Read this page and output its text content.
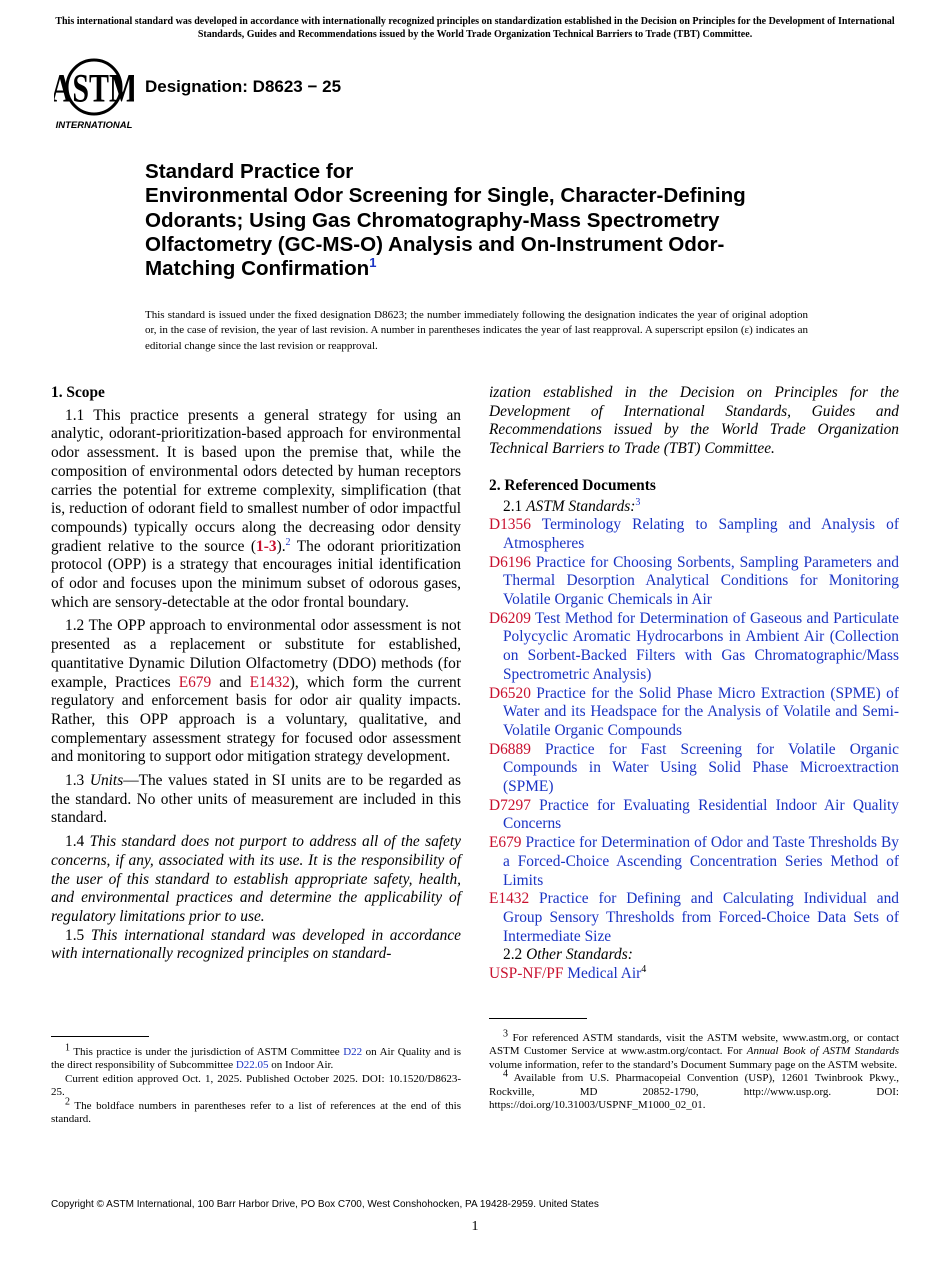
This international standard was developed in accordance with internationally recognized principles on standardization established in the Decision on Principles for the Development of International Standards, Guides and Recommendations issued by the World Trade Organization Technical Barriers to Trade (TBT) Committee.
ASTM
INTERNATIONAL
Designation: D8623 − 25
Standard Practice for
Environmental Odor Screening for Single, Character-Defining Odorants; Using Gas Chromatography-Mass Spectrometry Olfactometry (GC-MS-O) Analysis and On-Instrument Odor-Matching Confirmation$^1$
This standard is issued under the fixed designation D8623; the number immediately following the designation indicates the year of original adoption or, in the case of revision, the year of last revision. A number in parentheses indicates the year of last reapproval. A superscript epsilon (ε) indicates an editorial change since the last revision or reapproval.

1. Scope

1.1 This practice presents a general strategy for using an analytic, odorant-prioritization-based approach for environmental odor assessment. It is based upon the premise that, while the composition of environmental odors detected by human receptors carries the potential for extreme complexity, simplification (that is, reduction of odorant field to smallest number of odor impactful compounds) typically occurs along the decreasing odor density gradient relative to the source (1-3).$^2$ The odorant prioritization protocol (OPP) is a strategy that encourages initial identification of odor and focuses upon the minimum subset of odorous gases, which are sensory-detectable at the odor frontal boundary.

1.2 The OPP approach to environmental odor assessment is not presented as a replacement or substitute for established, quantitative Dynamic Dilution Olfactometry (DDO) methods (for example, Practices E679 and E1432), which form the current regulatory and enforcement basis for odor air quality impacts. Rather, this OPP approach is a voluntary, qualitative, and complementary assessment strategy for focused odor assessment and monitoring to support odor mitigation strategy development.

1.3 Units—The values stated in SI units are to be regarded as the standard. No other units of measurement are included in this standard.

1.4 This standard does not purport to address all of the safety concerns, if any, associated with its use. It is the responsibility of the user of this standard to establish appropriate safety, health, and environmental practices and determine the applicability of regulatory limitations prior to use.

1.5 This international standard was developed in accordance with internationally recognized principles on standard-

$^1$ This practice is under the jurisdiction of ASTM Committee D22 on Air Quality and is the direct responsibility of Subcommittee D22.05 on Indoor Air.

Current edition approved Oct. 1, 2025. Published October 2025. DOI: 10.1520/D8623-25.

$^2$ The boldface numbers in parentheses refer to a list of references at the end of this standard.

ization established in the Decision on Principles for the Development of International Standards, Guides and Recommendations issued by the World Trade Organization Technical Barriers to Trade (TBT) Committee.

2. Referenced Documents

2.1 ASTM Standards:$^3$

D1356 Terminology Relating to Sampling and Analysis of Atmospheres

D6196 Practice for Choosing Sorbents, Sampling Parameters and Thermal Desorption Analytical Conditions for Monitoring Volatile Organic Chemicals in Air

D6209 Test Method for Determination of Gaseous and Particulate Polycyclic Aromatic Hydrocarbons in Ambient Air (Collection on Sorbent-Backed Filters with Gas Chromatographic/Mass Spectrometric Analysis)

D6520 Practice for the Solid Phase Micro Extraction (SPME) of Water and its Headspace for the Analysis of Volatile and Semi-Volatile Organic Compounds

D6889 Practice for Fast Screening for Volatile Organic Compounds in Water Using Solid Phase Microextraction (SPME)

D7297 Practice for Evaluating Residential Indoor Air Quality Concerns

E679 Practice for Determination of Odor and Taste Thresholds By a Forced-Choice Ascending Concentration Series Method of Limits

E1432 Practice for Defining and Calculating Individual and Group Sensory Thresholds from Forced-Choice Data Sets of Intermediate Size

2.2 Other Standards:

USP-NF/PF Medical Air$^4$

$^3$ For referenced ASTM standards, visit the ASTM website, www.astm.org, or contact ASTM Customer Service at www.astm.org/contact. For Annual Book of ASTM Standards volume information, refer to the standard’s Document Summary page on the ASTM website.

$^4$ Available from U.S. Pharmacopeial Convention (USP), 12601 Twinbrook Pkwy., Rockville, MD 20852-1790, http://www.usp.org. DOI: https://doi.org/10.31003/USPNF_M1000_02_01.

Copyright © ASTM International, 100 Barr Harbor Drive, PO Box C700, West Conshohocken, PA 19428-2959. United States
1
